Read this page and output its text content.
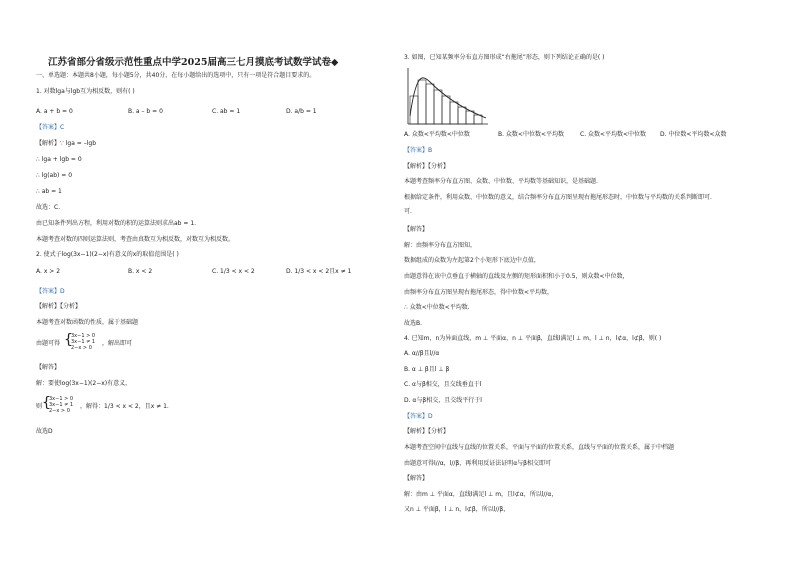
江苏省部分省级示范性重点中学2025届高三七月摸底考试数学试卷◆
一、单选题：本题共8小题，每小题5分，共40分，在每小题给出的选项中，只有一项是符合题目要求的。
1. 对数lga与lgb互为相反数，则有( )
A. a + b = 0	B. a – b = 0	C. ab = 1	D. a/b = 1
【答案】C
【解析】∵ lga = –lgb
∴ lga + lgb = 0
∴ lg(ab) = 0
∴ ab = 1
故选：C.
由已知条件列出方程，利用对数的积的运算法则求出ab = 1.
本题考查对数的四则运算法则，考查由真数互为相反数，对数互为相反数。
2. 使式子log(3x−1)(2−x)有意义的x的取值范围是( )
A. x > 2	B. x < 2	C. 1/3 < x < 2	D. 1/3 < x < 2且x ≠ 1
【答案】D
【解析】【分析】
本题考查对数函数的性质，属于基础题
由题可得 {
3x−1 > 0
3x−1 ≠ 1
2−x > 0
，解出即可
【解答】
解：要使log(3x−1)(2−x)有意义，
则 {
3x−1 > 0
3x−1 ≠ 1
2−x > 0
，解得：1/3 < x < 2，且x ≠ 1.
故选D
3. 如图，已知某频率分布直方图形成“右拖尾”形态，则下列结论正确的是( )
A. 众数<平均数<中位数	B. 众数<中位数<平均数	C. 众数<平均数<中位数 D. 中位数<平均数<众数
【答案】B
【解析】【分析】
本题考查频率分布直方图、众数、中位数、平均数等基础知识，是基础题.
根据给定条件，利用众数、中位数的意义，结合频率分布直方图呈现右拖尾形态时，中位数与平均数的关系判断即可.
可.
【解答】
解：由频率分布直方图知，
数据组成的众数为左起第2个小矩形下底边中点值，
由题意得在该中点垂直于横轴的直线及左侧的矩形面积和小于0.5，则众数<中位数，
由频率分布直方图呈现右拖尾形态，得中位数<平均数，
∴ 众数<中位数<平均数.
故选B.
4. 已知m，n为异面直线，m ⊥ 平面α，n ⊥ 平面β，直线l满足l ⊥ m，l ⊥ n，l⊄α，l⊄β，则( )
A. α//β且l//α
B. α ⊥ β且l ⊥ β
C. α与β相交，且交线垂直于l
D. α与β相交，且交线平行于l
【答案】D
【解析】【分析】
本题考查空间中直线与直线的位置关系，平面与平面的位置关系，直线与平面的位置关系，属于中档题
由题意可得l//α，l//β，再利用反证法证明α与β相交即可
【解答】
解：由m ⊥ 平面α，直线l满足l ⊥ m，且l⊄α，所以l//α，
又n ⊥ 平面β，l ⊥ n，l⊄β，所以l//β，
